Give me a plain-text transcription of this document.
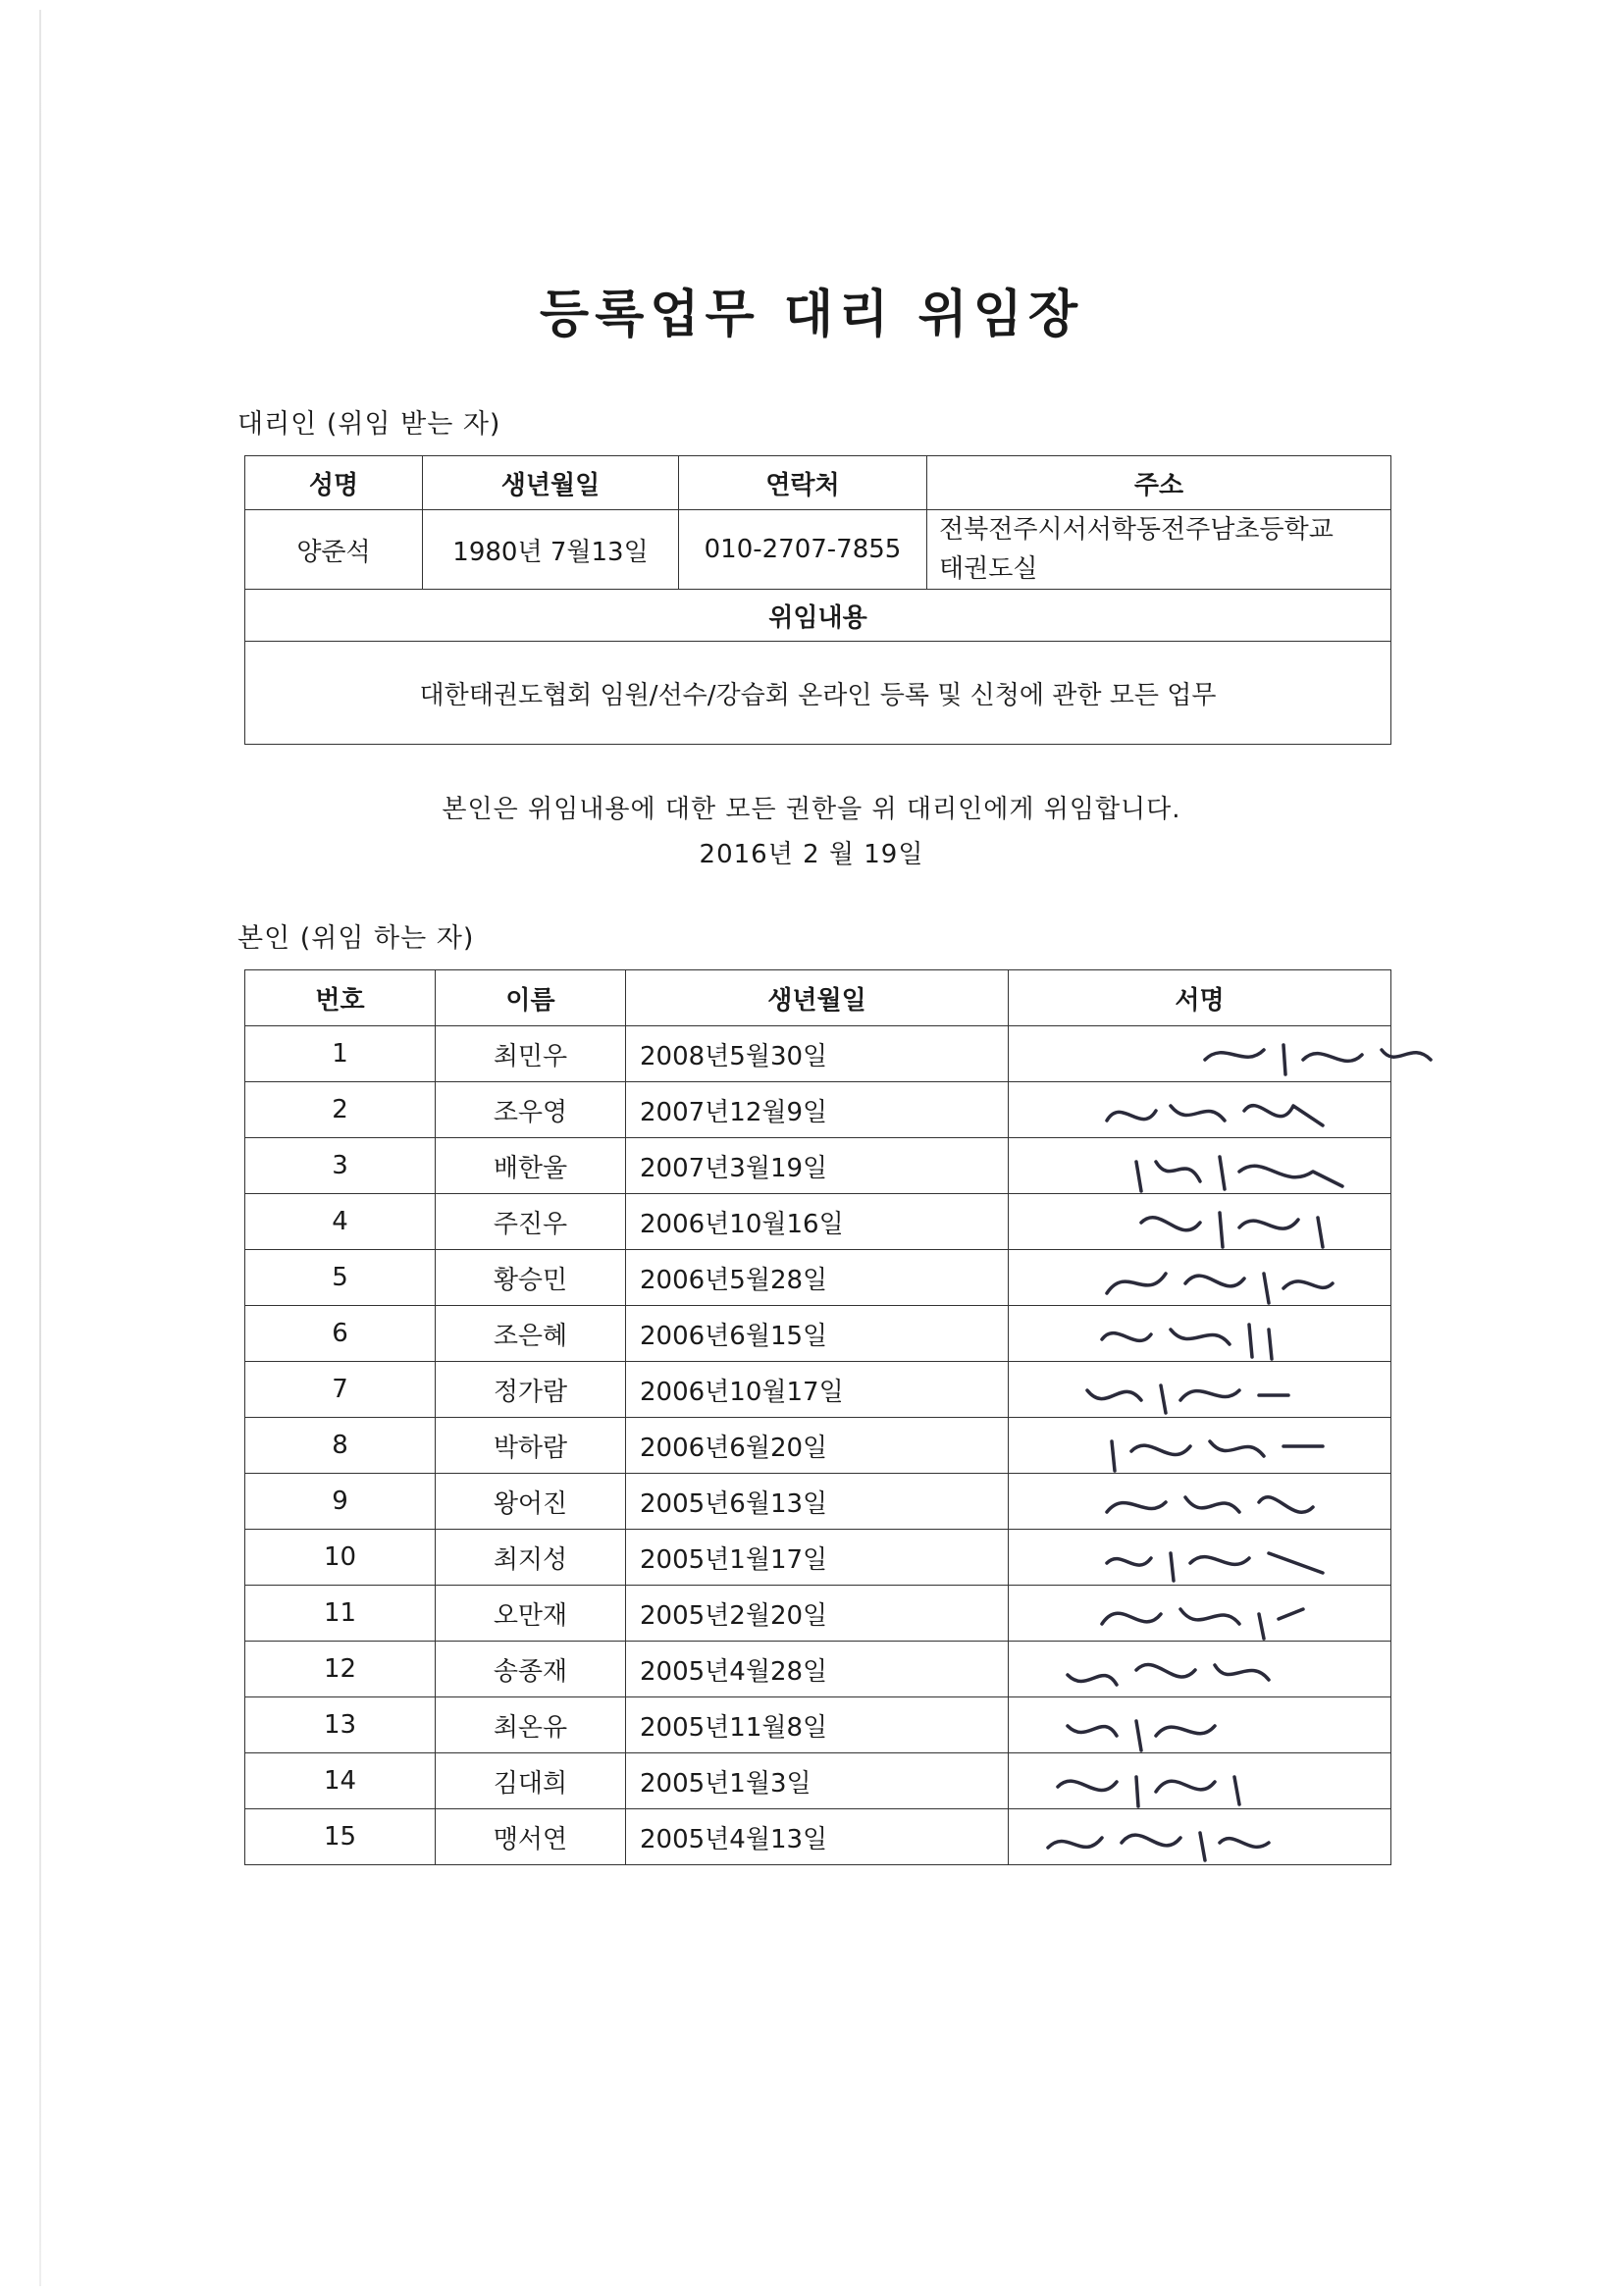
등록업무 대리 위임장
대리인 (위임 받는 자)
성명	생년월일	연락처	주소
양준석	1980년 7월13일	010-2707-7855	전북전주시서서학동전주남초등학교
태권도실

위임내용			
대한태권도협회 임원/선수/강습회 온라인 등록 및 신청에 관한 모든 업무			
본인은 위임내용에 대한 모든 권한을 위 대리인에게 위임합니다.
2016년 2 월 19일
본인 (위임 하는 자)
번호	이름	생년월일	서명
1	최민우	2008년5월30일	

2	조우영	2007년12월9일	

3	배한울	2007년3월19일	

4	주진우	2006년10월16일	

5	황승민	2006년5월28일	

6	조은혜	2006년6월15일	

7	정가람	2006년10월17일	

8	박하람	2006년6월20일	

9	왕어진	2005년6월13일	

10	최지성	2005년1월17일	

11	오만재	2005년2월20일	

12	송종재	2005년4월28일	

13	최온유	2005년11월8일	

14	김대희	2005년1월3일	

15	맹서연	2005년4월13일	
